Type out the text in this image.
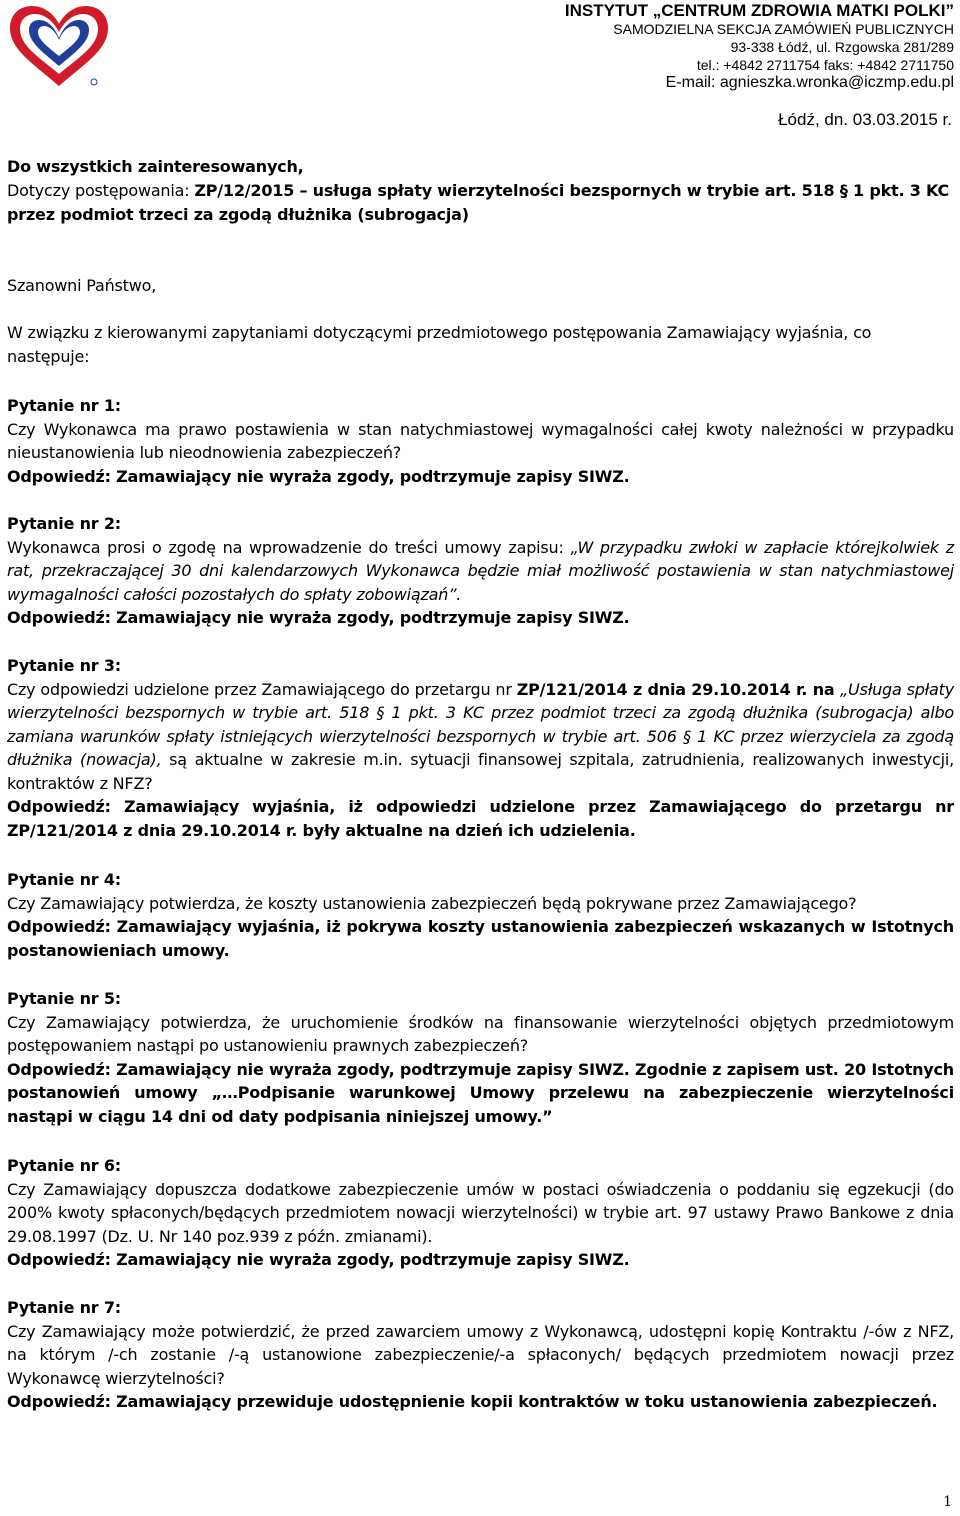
INSTYTUT „CENTRUM ZDROWIA MATKI POLKI”
SAMODZIELNA SEKCJA ZAMÓWIEŃ PUBLICZNYCH
93-338 Łódź, ul. Rzgowska 281/289
tel.: +4842 2711754 faks: +4842 2711750
E-mail: agnieszka.wronka@iczmp.edu.pl
Łódź, dn. 03.03.2015 r.
Do wszystkich zainteresowanych,
Dotyczy postępowania: ZP/12/2015 – usługa spłaty wierzytelności bezspornych w trybie art. 518 § 1 pkt. 3 KC przez podmiot trzeci za zgodą dłużnika (subrogacja)
Szanowni Państwo,
W związku z kierowanymi zapytaniami dotyczącymi przedmiotowego postępowania Zamawiający wyjaśnia, co następuje:
Pytanie nr 1:
Czy Wykonawca ma prawo postawienia w stan natychmiastowej wymagalności całej kwoty należności w przypadku nieustanowienia lub nieodnowienia zabezpieczeń?
Odpowiedź: Zamawiający nie wyraża zgody, podtrzymuje zapisy SIWZ.
Pytanie nr 2:
Wykonawca prosi o zgodę na wprowadzenie do treści umowy zapisu: „W przypadku zwłoki w zapłacie którejkolwiek z rat, przekraczającej 30 dni kalendarzowych Wykonawca będzie miał możliwość postawienia w stan natychmiastowej wymagalności całości pozostałych do spłaty zobowiązań”.
Odpowiedź: Zamawiający nie wyraża zgody, podtrzymuje zapisy SIWZ.
Pytanie nr 3:
Czy odpowiedzi udzielone przez Zamawiającego do przetargu nr ZP/121/2014 z dnia 29.10.2014 r. na „Usługa spłaty wierzytelności bezspornych w trybie art. 518 § 1 pkt. 3 KC przez podmiot trzeci za zgodą dłużnika (subrogacja) albo zamiana warunków spłaty istniejących wierzytelności bezspornych w trybie art. 506 § 1 KC przez wierzyciela za zgodą dłużnika (nowacja), są aktualne w zakresie m.in. sytuacji finansowej szpitala, zatrudnienia, realizowanych inwestycji, kontraktów z NFZ?
Odpowiedź: Zamawiający wyjaśnia, iż odpowiedzi udzielone przez Zamawiającego do przetargu nr ZP/121/2014 z dnia 29.10.2014 r. były aktualne na dzień ich udzielenia.
Pytanie nr 4:
Czy Zamawiający potwierdza, że koszty ustanowienia zabezpieczeń będą pokrywane przez Zamawiającego?
Odpowiedź: Zamawiający wyjaśnia, iż pokrywa koszty ustanowienia zabezpieczeń wskazanych w Istotnych postanowieniach umowy.
Pytanie nr 5:
Czy Zamawiający potwierdza, że uruchomienie środków na finansowanie wierzytelności objętych przedmiotowym postępowaniem nastąpi po ustanowieniu prawnych zabezpieczeń?
Odpowiedź: Zamawiający nie wyraża zgody, podtrzymuje zapisy SIWZ. Zgodnie z zapisem ust. 20 Istotnych postanowień umowy „…Podpisanie warunkowej Umowy przelewu na zabezpieczenie wierzytelności nastąpi w ciągu 14 dni od daty podpisania niniejszej umowy.”
Pytanie nr 6:
Czy Zamawiający dopuszcza dodatkowe zabezpieczenie umów w postaci oświadczenia o poddaniu się egzekucji (do 200% kwoty spłaconych/będących przedmiotem nowacji wierzytelności) w trybie art. 97 ustawy Prawo Bankowe z dnia 29.08.1997 (Dz. U. Nr 140 poz.939 z późn. zmianami).
Odpowiedź: Zamawiający nie wyraża zgody, podtrzymuje zapisy SIWZ.
Pytanie nr 7:
Czy Zamawiający może potwierdzić, że przed zawarciem umowy z Wykonawcą, udostępni kopię Kontraktu /-ów z NFZ, na którym /-ch zostanie /-ą ustanowione zabezpieczenie/-a spłaconych/ będących przedmiotem nowacji przez Wykonawcę wierzytelności?
Odpowiedź: Zamawiający przewiduje udostępnienie kopii kontraktów w toku ustanowienia zabezpieczeń.
1
